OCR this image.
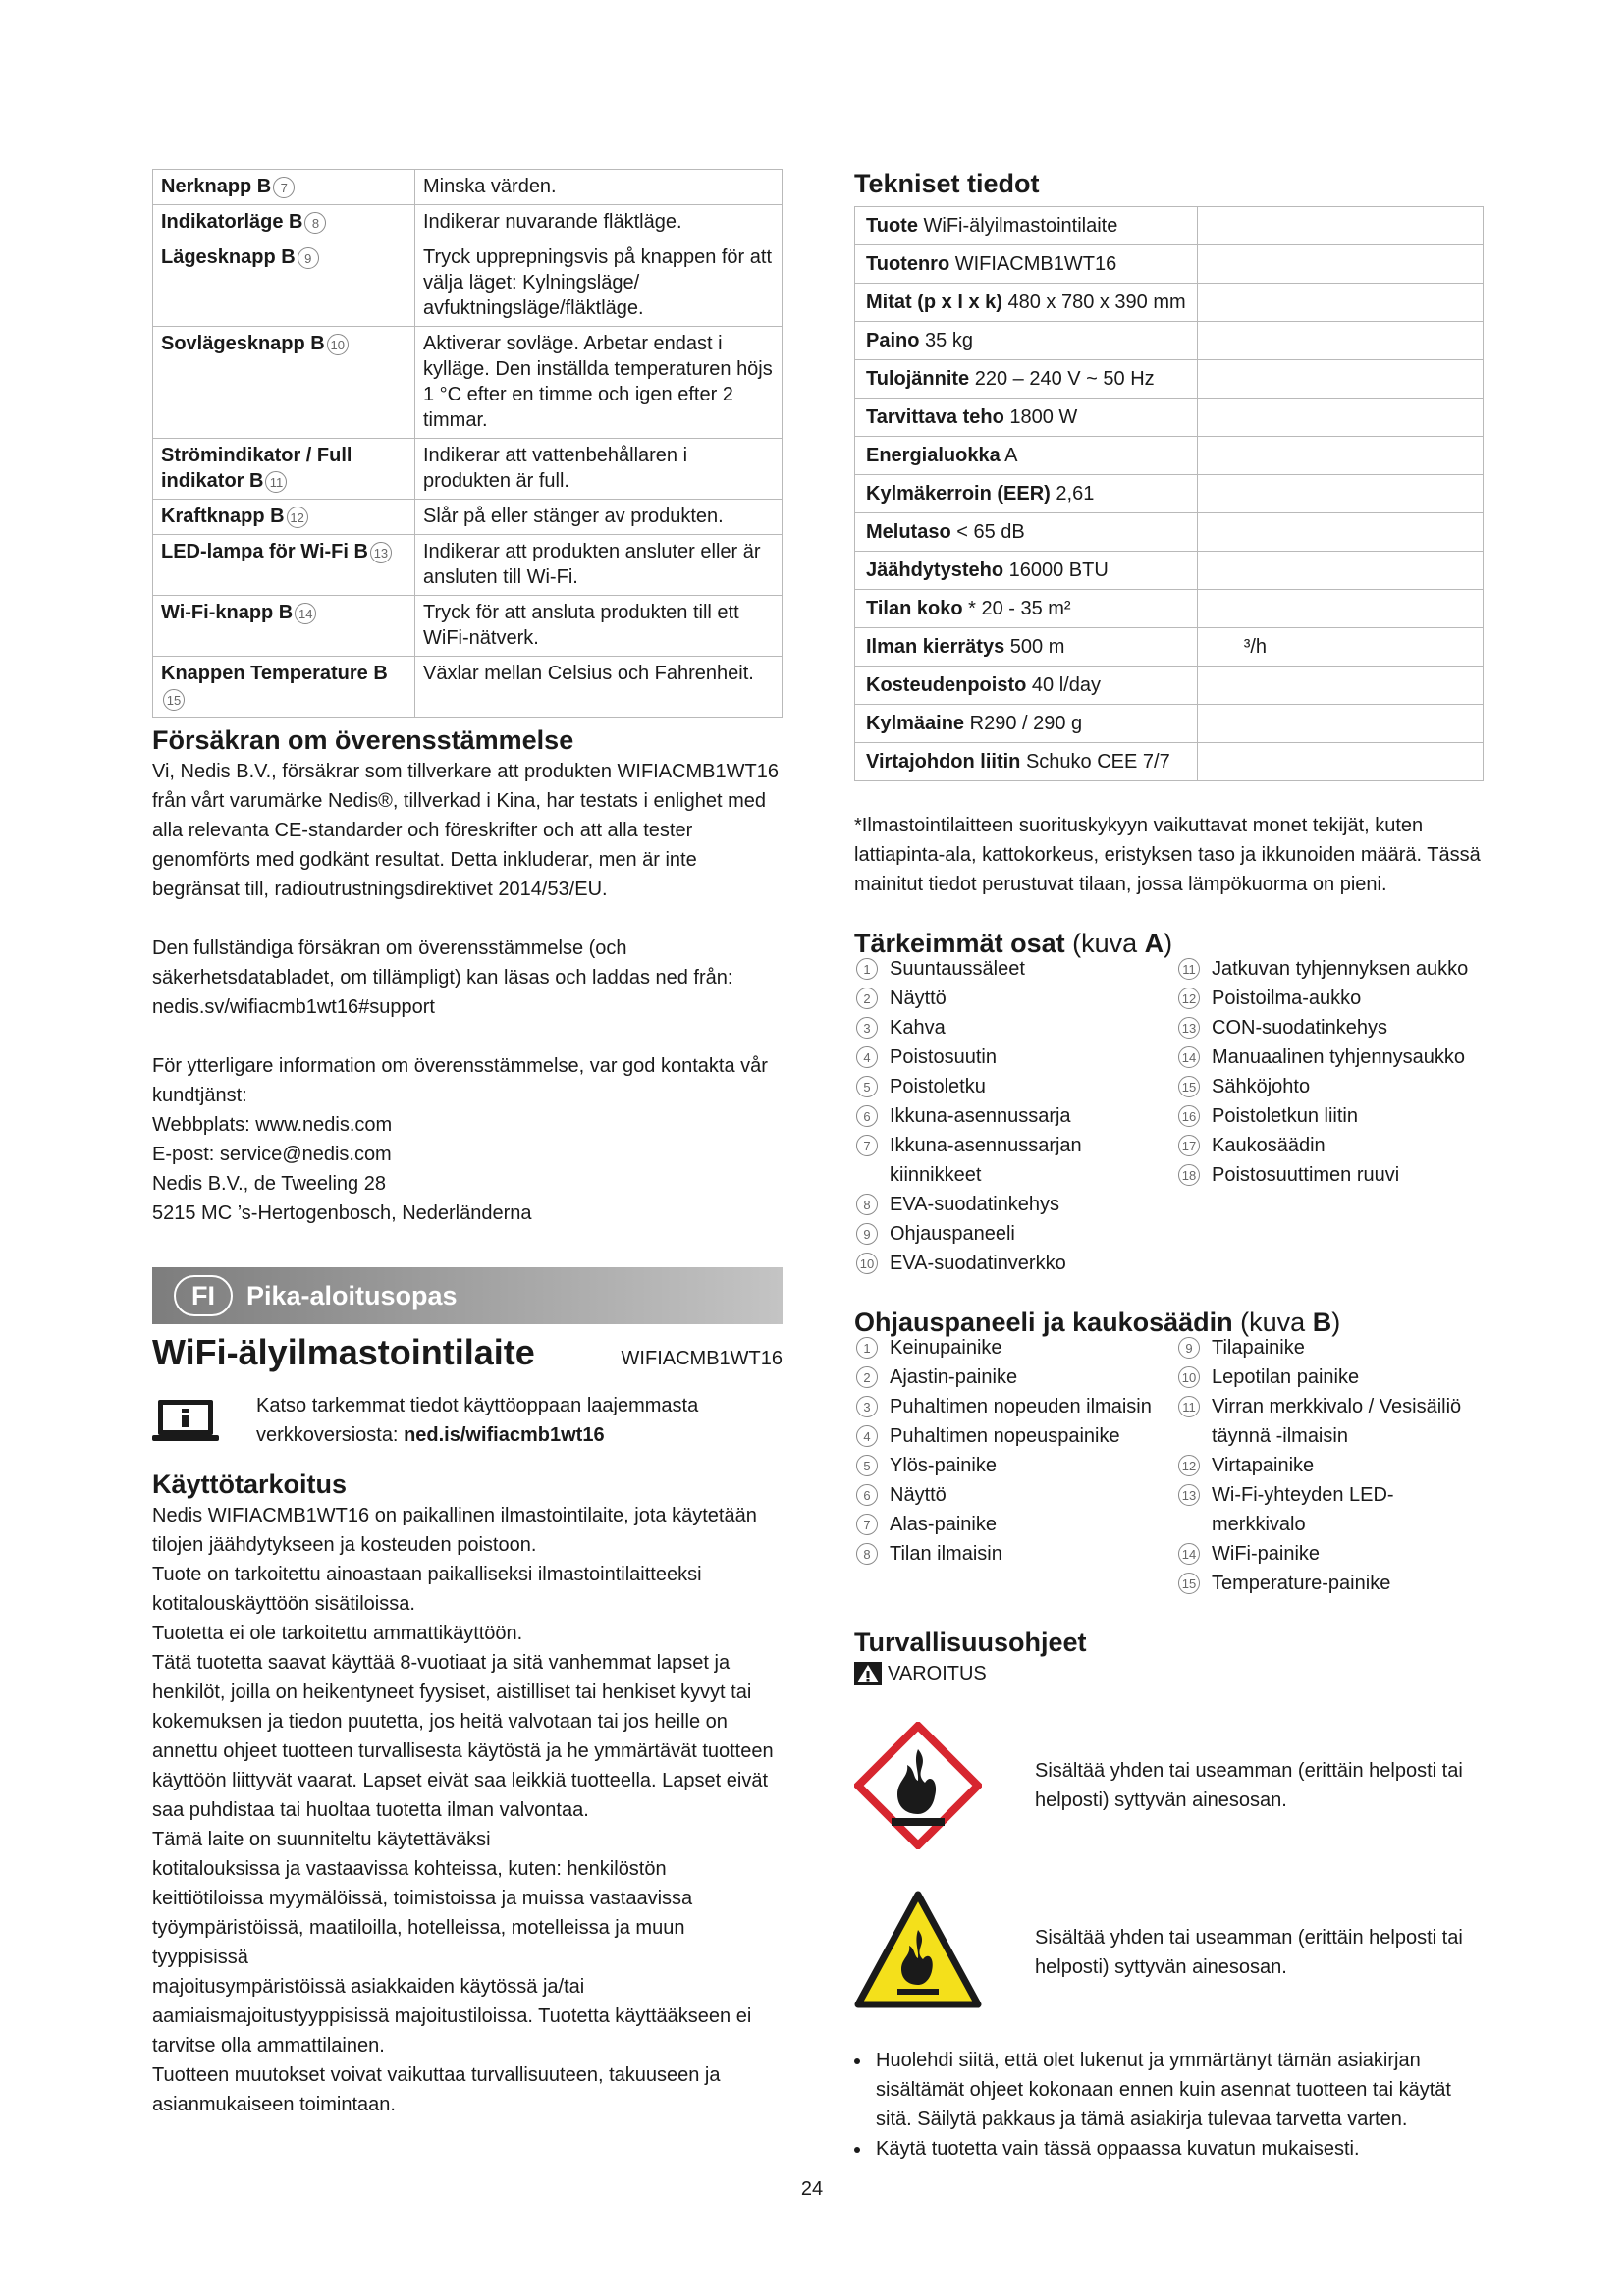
Nerknapp B 7	Minska värden.
Indikatorläge B 8	Indikerar nuvarande fläktläge.
Lägesknapp B 9	Tryck upprepningsvis på knappen för att välja läget: Kylningsläge/ avfuktningsläge/fläktläge.
Sovlägesknapp B 10	Aktiverar sovläge. Arbetar endast i kylläge. Den inställda temperaturen höjs 1 °C efter en timme och igen efter 2 timmar.
Strömindikator / Full indikator B 11	Indikerar att vattenbehållaren i produkten är full.
Kraftknapp B 12	Slår på eller stänger av produkten.
LED-lampa för Wi-Fi B 13	Indikerar att produkten ansluter eller är ansluten till Wi-Fi.
Wi-Fi-knapp B 14	Tryck för att ansluta produkten till ett WiFi-nätverk.
Knappen Temperature B15	Växlar mellan Celsius och Fahrenheit.
Försäkran om överensstämmelse

Vi, Nedis B.V., försäkrar som tillverkare att produkten WIFIACMB1WT16 från vårt varumärke Nedis®, tillverkad i Kina, har testats i enlighet med alla relevanta CE-standarder och föreskrifter och att alla tester genomförts med godkänt resultat. Detta inkluderar, men är inte begränsat till, radioutrustningsdirektivet 2014/53/EU.

Den fullständiga försäkran om överensstämmelse (och säkerhetsdatabladet, om tillämpligt) kan läsas och laddas ned från: nedis.sv/wifiacmb1wt16#support

För ytterligare information om överensstämmelse, var god kontakta vår kundtjänst:
Webbplats: www.nedis.com
E-post: service@nedis.com
Nedis B.V., de Tweeling 28
5215 MC ’s-Hertogenbosch, Nederländerna
FI	Pika-aloitusopas
WiFi-älyilmastointilaite	WIFIACMB1WT16
Katso tarkemmat tiedot käyttöoppaan laajemmasta
verkkoversiosta: ned.is/wifiacmb1wt16
Käyttötarkoitus

Nedis WIFIACMB1WT16 on paikallinen ilmastointilaite, jota käytetään tilojen jäähdytykseen ja kosteuden poistoon.

Tuote on tarkoitettu ainoastaan paikalliseksi ilmastointilaitteeksi kotitalouskäyttöön sisätiloissa.

Tuotetta ei ole tarkoitettu ammattikäyttöön.

Tätä tuotetta saavat käyttää 8-vuotiaat ja sitä vanhemmat lapset ja henkilöt, joilla on heikentyneet fyysiset, aistilliset tai henkiset kyvyt tai kokemuksen ja tiedon puutetta, jos heitä valvotaan tai jos heille on annettu ohjeet tuotteen turvallisesta käytöstä ja he ymmärtävät tuotteen käyttöön liittyvät vaarat. Lapset eivät saa leikkiä tuotteella. Lapset eivät saa puhdistaa tai huoltaa tuotetta ilman valvontaa.

Tämä laite on suunniteltu käytettäväksi

kotitalouksissa ja vastaavissa kohteissa, kuten: henkilöstön keittiötiloissa myymälöissä, toimistoissa ja muissa vastaavissa työympäristöissä, maatiloilla, hotelleissa, motelleissa ja muun tyyppisissä

majoitusympäristöissä asiakkaiden käytössä ja/tai aamiaismajoitustyyppisissä majoitustiloissa. Tuotetta käyttääkseen ei tarvitse olla ammattilainen.

Tuotteen muutokset voivat vaikuttaa turvallisuuteen, takuuseen ja asianmukaiseen toimintaan.

Tekniset tiedot
Tuote WiFi-älyilmastointilaite	
Tuotenro WIFIACMB1WT16	
Mitat (p x l x k) 480 x 780 x 390 mm	
Paino 35 kg	
Tulojännite 220 – 240 V ~ 50 Hz	
Tarvittava teho 1800 W	
Energialuokka A	
Kylmäkerroin (EER) 2,61	
Melutaso < 65 dB	
Jäähdytysteho 16000 BTU	
Tilan koko * 20 - 35 m²	
Ilman kierrätys 500 m	³/h
Kosteudenpoisto 40 l/day	
Kylmäaine R290 / 290 g	
Virtajohdon liitin Schuko CEE 7/7	

*Ilmastointilaitteen suorituskykyyn vaikuttavat monet tekijät, kuten lattiapinta-ala, kattokorkeus, eristyksen taso ja ikkunoiden määrä. Tässä mainitut tiedot perustuvat tilaan, jossa lämpökuorma on pieni.

Tärkeimmät osat (kuva A)
1 Suuntaussäleet
2 Näyttö
3 Kahva
4 Poistosuutin
5 Poistoletku
6 Ikkuna-asennussarja
7 Ikkuna-asennussarjan kiinnikkeet
8 EVA-suodatinkehys
9 Ohjauspaneeli
10 EVA-suodatinverkko
11 Jatkuvan tyhjennyksen aukko
12 Poistoilma-aukko
13 CON-suodatinkehys
14 Manuaalinen tyhjennysaukko
15 Sähköjohto
16 Poistoletkun liitin
17 Kaukosäädin
18 Poistosuuttimen ruuvi
Ohjauspaneeli ja kaukosäädin (kuva B)
1 Keinupainike
2 Ajastin-painike
3 Puhaltimen nopeuden ilmaisin
4 Puhaltimen nopeuspainike
5 Ylös-painike
6 Näyttö
7 Alas-painike
8 Tilan ilmaisin
9 Tilapainike
10 Lepotilan painike
11 Virran merkkivalo / Vesisäiliö täynnä -ilmaisin
12 Virtapainike
13 Wi-Fi-yhteyden LED-merkkivalo
14 WiFi-painike
15 Temperature-painike
Turvallisuusohjeet
VAROITUS
Sisältää yhden tai useamman (erittäin helposti tai helposti) syttyvän ainesosan.
Sisältää yhden tai useamman (erittäin helposti tai helposti) syttyvän ainesosan.
• Huolehdi siitä, että olet lukenut ja ymmärtänyt tämän asiakirjan sisältämät ohjeet kokonaan ennen kuin asennat tuotteen tai käytät sitä. Säilytä pakkaus ja tämä asiakirja tulevaa tarvetta varten.
• Käytä tuotetta vain tässä oppaassa kuvatun mukaisesti.
24
